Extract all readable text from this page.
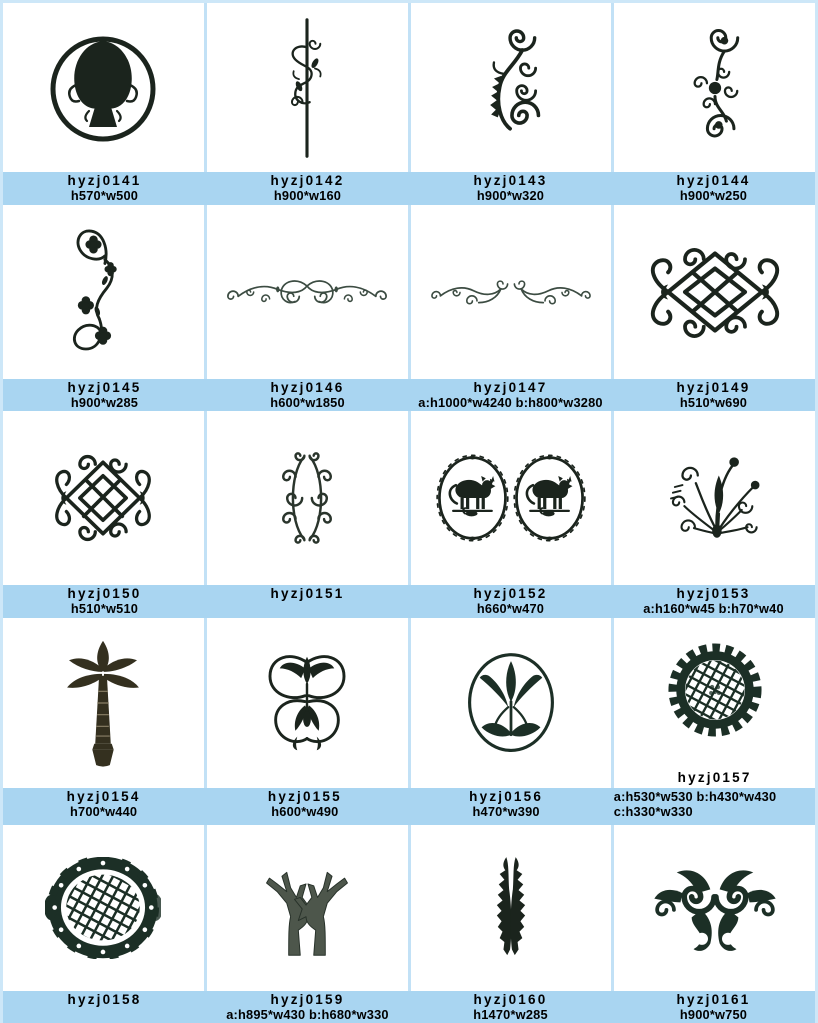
hyzj0141
h570*w500
hyzj0142
h900*w160
hyzj0143
h900*w320
hyzj0144
h900*w250
hyzj0145
h900*w285
hyzj0146
h600*w1850
hyzj0147
a:h1000*w4240 b:h800*w3280
hyzj0149
h510*w690
hyzj0150
h510*w510
hyzj0151	hyzj0152
h660*w470
hyzj0153
a:h160*w45 b:h70*w40
hyzj0157
hyzj0154
h700*w440
hyzj0155
h600*w490
hyzj0156
h470*w390
a:h530*w530 b:h430*w430
c:h330*w330
hyzj0158	hyzj0159
a:h895*w430 b:h680*w330
hyzj0160
h1470*w285
hyzj0161
h900*w750
